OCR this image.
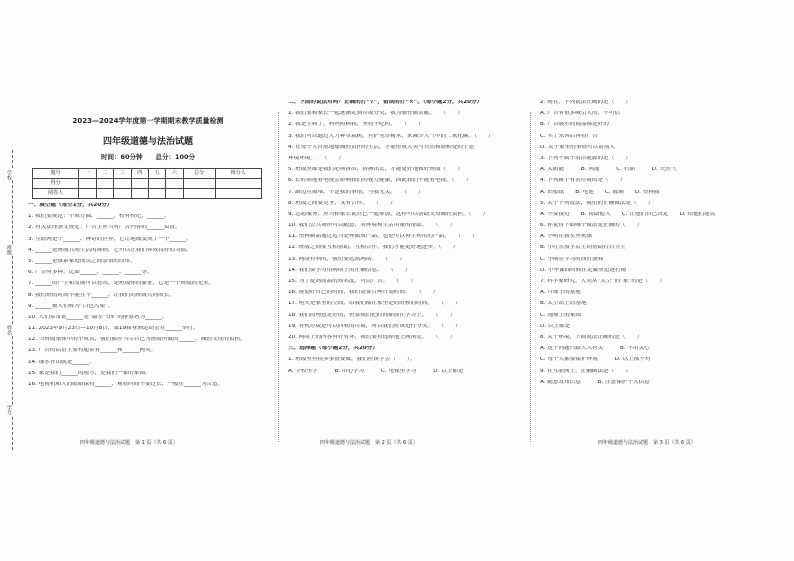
学校
班级
姓名
学号
2023—2024学年度第一学期期末教学质量检测
四年级道德与法治试题
时间：60分钟　　总分：100分
题号	一	二	三	四	五	六	总分	核分人
得分								
阅卷人								
一、填空题（每空1分，共20分）
1. 我们要规范：不成方圆，______，校有校纪，______。
2. 有关法律条文规定：广告主应当对广告内容的______负责。
3. 互联网是个______、神奇的世界，它让地球变成了一个______。
4. ______是班级共同生活的准则，它可以让我们养成良好的习惯。
5. ______是维系家庭成员之间亲情的纽带。
6. 广告有多种，比如______、______、______等。
7. ______的产生和发展可以看出，是班级体的象征，它是一个班级的光荣。
8. 我们班的时间不能互不______，让我们的班级共同成长。
9. ______被人们称为“白色污染”。
10. 人们常常说______是“温室气体”的排放者为______。
11. 2023年9月23日—10月8日，第19届亚洲运动会在______举行。
12. 当班级集体中的小成员，我们都应当尽自己为班级所做的______，减轻父母的负担。
13. 广告的话语主要有通常有______和______两类。
14. 绿水青山就是______。
15. 家是我们______的地方，是我们一家的家园。
16. 电视机和人的眼睛保持______，观看时间不要过长，一般在______为合适。
四年级道德与法治试题　第 1 页（共 6 页）
二、下面的说法对吗？正确的打“√”，错误的打“×”。（每小题2分，共20分）
1. 我们要和家长一起逐渐走到垃圾分类，我为制作做贡献。　　（　　）
2. 我是生病了，妈妈照顾我，坚持不吃药。　　（　　）
3. 我们可以通过大力种草栽树，营护见草树木，来减少大气中的二氧化碳。（　　）
4. 在每个人自愿地球减轻负担的生活，才能形成人类与自然和谐相处的生态
环境环境。　　（　　）
5. 班级里都是我们必须拼出，拼搏出去，才能更好地做好班级（　　）
6. 长时间地看电视会影响我们的视力健康，因此我们不能看电视。（　　）
7. 路边垃圾堆，不是我的事情，与我无关。　　（　　）
8. 班级之间要竞争，又有合作。　　（　　）
9. 志愿服务，应当和家长说自己一起参加，这样可以帮助父母减轻负担。（　　）
10. 我们公共场所可以随意，对环境和生活用量的帮助。　　（　　）
11. 塑料制品通过适当处理做成产品，也是可以再生利用的产品。　　（　　）
12. 班级之间要互相帮助，互相合作，我们才能更好地进步。（　　）
13. 网络有利的，我们要远离网络。　　（　　）
14. 我们要学习用网络上的正确信息。　　（　　）
15. 为了提高商品的知名度，可以广告。　　（　　）
16. 规划好自己的时间，我们需要合理计划时间。　　（　　）
17. 明天是家里的空间，给我们都在家里是的时候的时间。　　（　　）
18. 我们的理想是好的，但要我们把时间都放在学习上。　　（　　）
19. 有机垃圾是可以回收的垃圾，所以我们应该进行分类。　　（　　）
20. 网络上的内容有好有坏，我们要有选择地上网浏览。　　（　　）
三、选择题（每小题2分，共20分）
1. 班级里有很多事情要做，我们应该学会（　　）。
A. 学校里学　　　B. 用心学习　　　C. 电视里学习　　　D. 以上都是
四年级道德与法治试题　第 2 页（共 6 页）
2. 现在，下列说法正确的是（　　）
A. 广告有很多吸引人的，不可信
B. 广告展示的商品都是好的
C. 买了东西后再看广告
D. 关于家里的事情可以请别人
3. 下列不属于清洁能源的是（　　）
A. 太阳能　　　B. 风能　　　C. 石油　　　D. 天然气
4. 下列属于有害垃圾的是（　　）
A. 旧报纸　　B. 电池　　C. 玻璃　　D. 塑料瓶
5. 关于下列说法，我们的正确做法是（　　）
A. 不要接近　　B. 帮助他人　　C. 让他们自己决定　　D. 给他们建议
6. 你觉得下面哪个做法是正确的（　　）
A. 小明在教室里玩球
B. 小红在放学后主动帮助打扫卫生
C. 小刚在学习时间打游戏
D. 小华课间时候在走廊里追逐打闹
7. 科学家研究，人类从“太空”的“家”的是（　　）
A. 月球上的基地
B. 太空站上的基地
C. 地球上的家园
D. 以上都是
8. 关于环境，下面说法正确的是（　　）
A. 这个问题只跟大人有关　　　B. 不用关心
C. 每个人都要保护环境　　　D. 以上都不对
9. 在互联网上，正确做法是（　　）
A. 随意发布信息　　　B. 注意保护个人信息
四年级道德与法治试题　第 3 页（共 6 页）
